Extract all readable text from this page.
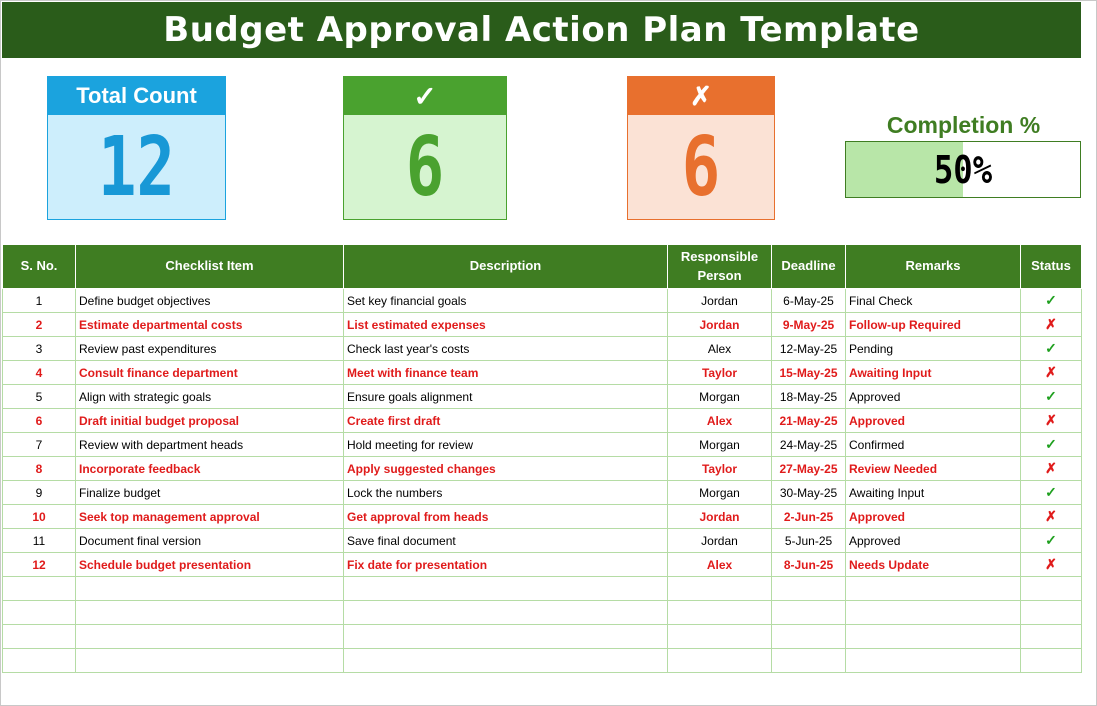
Budget Approval Action Plan Template
Total Count
12
✓
6
✗
6	Completion %
50%
S. No.	Checklist Item	Description	Responsible Person	Deadline	Remarks	Status
1	Define budget objectives	Set key financial goals	Jordan	6-May-25	Final Check	✓
2	Estimate departmental costs	List estimated expenses	Jordan	9-May-25	Follow-up Required	✗
3	Review past expenditures	Check last year's costs	Alex	12-May-25	Pending	✓
4	Consult finance department	Meet with finance team	Taylor	15-May-25	Awaiting Input	✗
5	Align with strategic goals	Ensure goals alignment	Morgan	18-May-25	Approved	✓
6	Draft initial budget proposal	Create first draft	Alex	21-May-25	Approved	✗
7	Review with department heads	Hold meeting for review	Morgan	24-May-25	Confirmed	✓
8	Incorporate feedback	Apply suggested changes	Taylor	27-May-25	Review Needed	✗
9	Finalize budget	Lock the numbers	Morgan	30-May-25	Awaiting Input	✓
10	Seek top management approval	Get approval from heads	Jordan	2-Jun-25	Approved	✗
11	Document final version	Save final document	Jordan	5-Jun-25	Approved	✓
12	Schedule budget presentation	Fix date for presentation	Alex	8-Jun-25	Needs Update	✗
